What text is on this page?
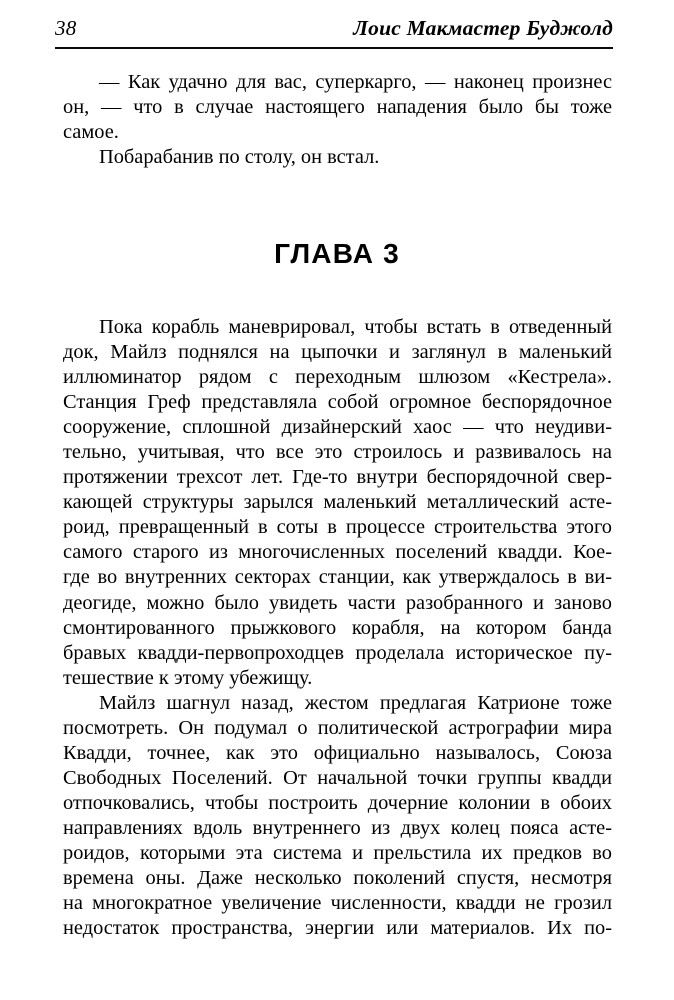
38	Лоис Макмастер Буджолд

— Как удачно для вас, суперкарго, — наконец произнес
он, — что в случае настоящего нападения было бы тоже
самое.

Побарабанив по столу, он встал.

ГЛАВА 3

Пока корабль маневрировал, чтобы встать в отведенный
док, Майлз поднялся на цыпочки и заглянул в маленький
иллюминатор рядом с переходным шлюзом «Кестрела».
Станция Греф представляла собой огромное беспорядочное
сооружение, сплошной дизайнерский хаос — что неудиви-
тельно, учитывая, что все это строилось и развивалось на
протяжении трехсот лет. Где-то внутри беспорядочной свер-
кающей структуры зарылся маленький металлический асте-
роид, превращенный в соты в процессе строительства этого
самого старого из многочисленных поселений квадди. Кое-
где во внутренних секторах станции, как утверждалось в ви-
деогиде, можно было увидеть части разобранного и заново
смонтированного прыжкового корабля, на котором банда
бравых квадди-первопроходцев проделала историческое пу-
тешествие к этому убежищу.

Майлз шагнул назад, жестом предлагая Катрионе тоже
посмотреть. Он подумал о политической астрографии мира
Квадди, точнее, как это официально называлось, Союза
Свободных Поселений. От начальной точки группы квадди
отпочковались, чтобы построить дочерние колонии в обоих
направлениях вдоль внутреннего из двух колец пояса асте-
роидов, которыми эта система и прельстила их предков во
времена оны. Даже несколько поколений спустя, несмотря
на многократное увеличение численности, квадди не грозил
недостаток пространства, энергии или материалов. Их по-
